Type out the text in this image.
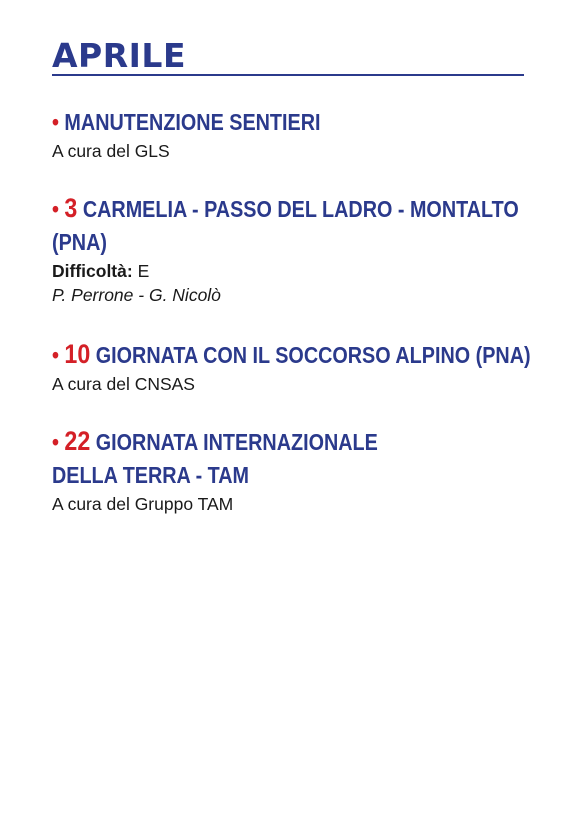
APRILE
• MANUTENZIONE SENTIERI
A cura del GLS
• 3 CARMELIA - PASSO DEL LADRO - MONTALTO
(PNA)
Difficoltà: E
P. Perrone - G. Nicolò
• 10 GIORNATA CON IL SOCCORSO ALPINO (PNA)
A cura del CNSAS
• 22 GIORNATA INTERNAZIONALE
DELLA TERRA - TAM
A cura del Gruppo TAM
